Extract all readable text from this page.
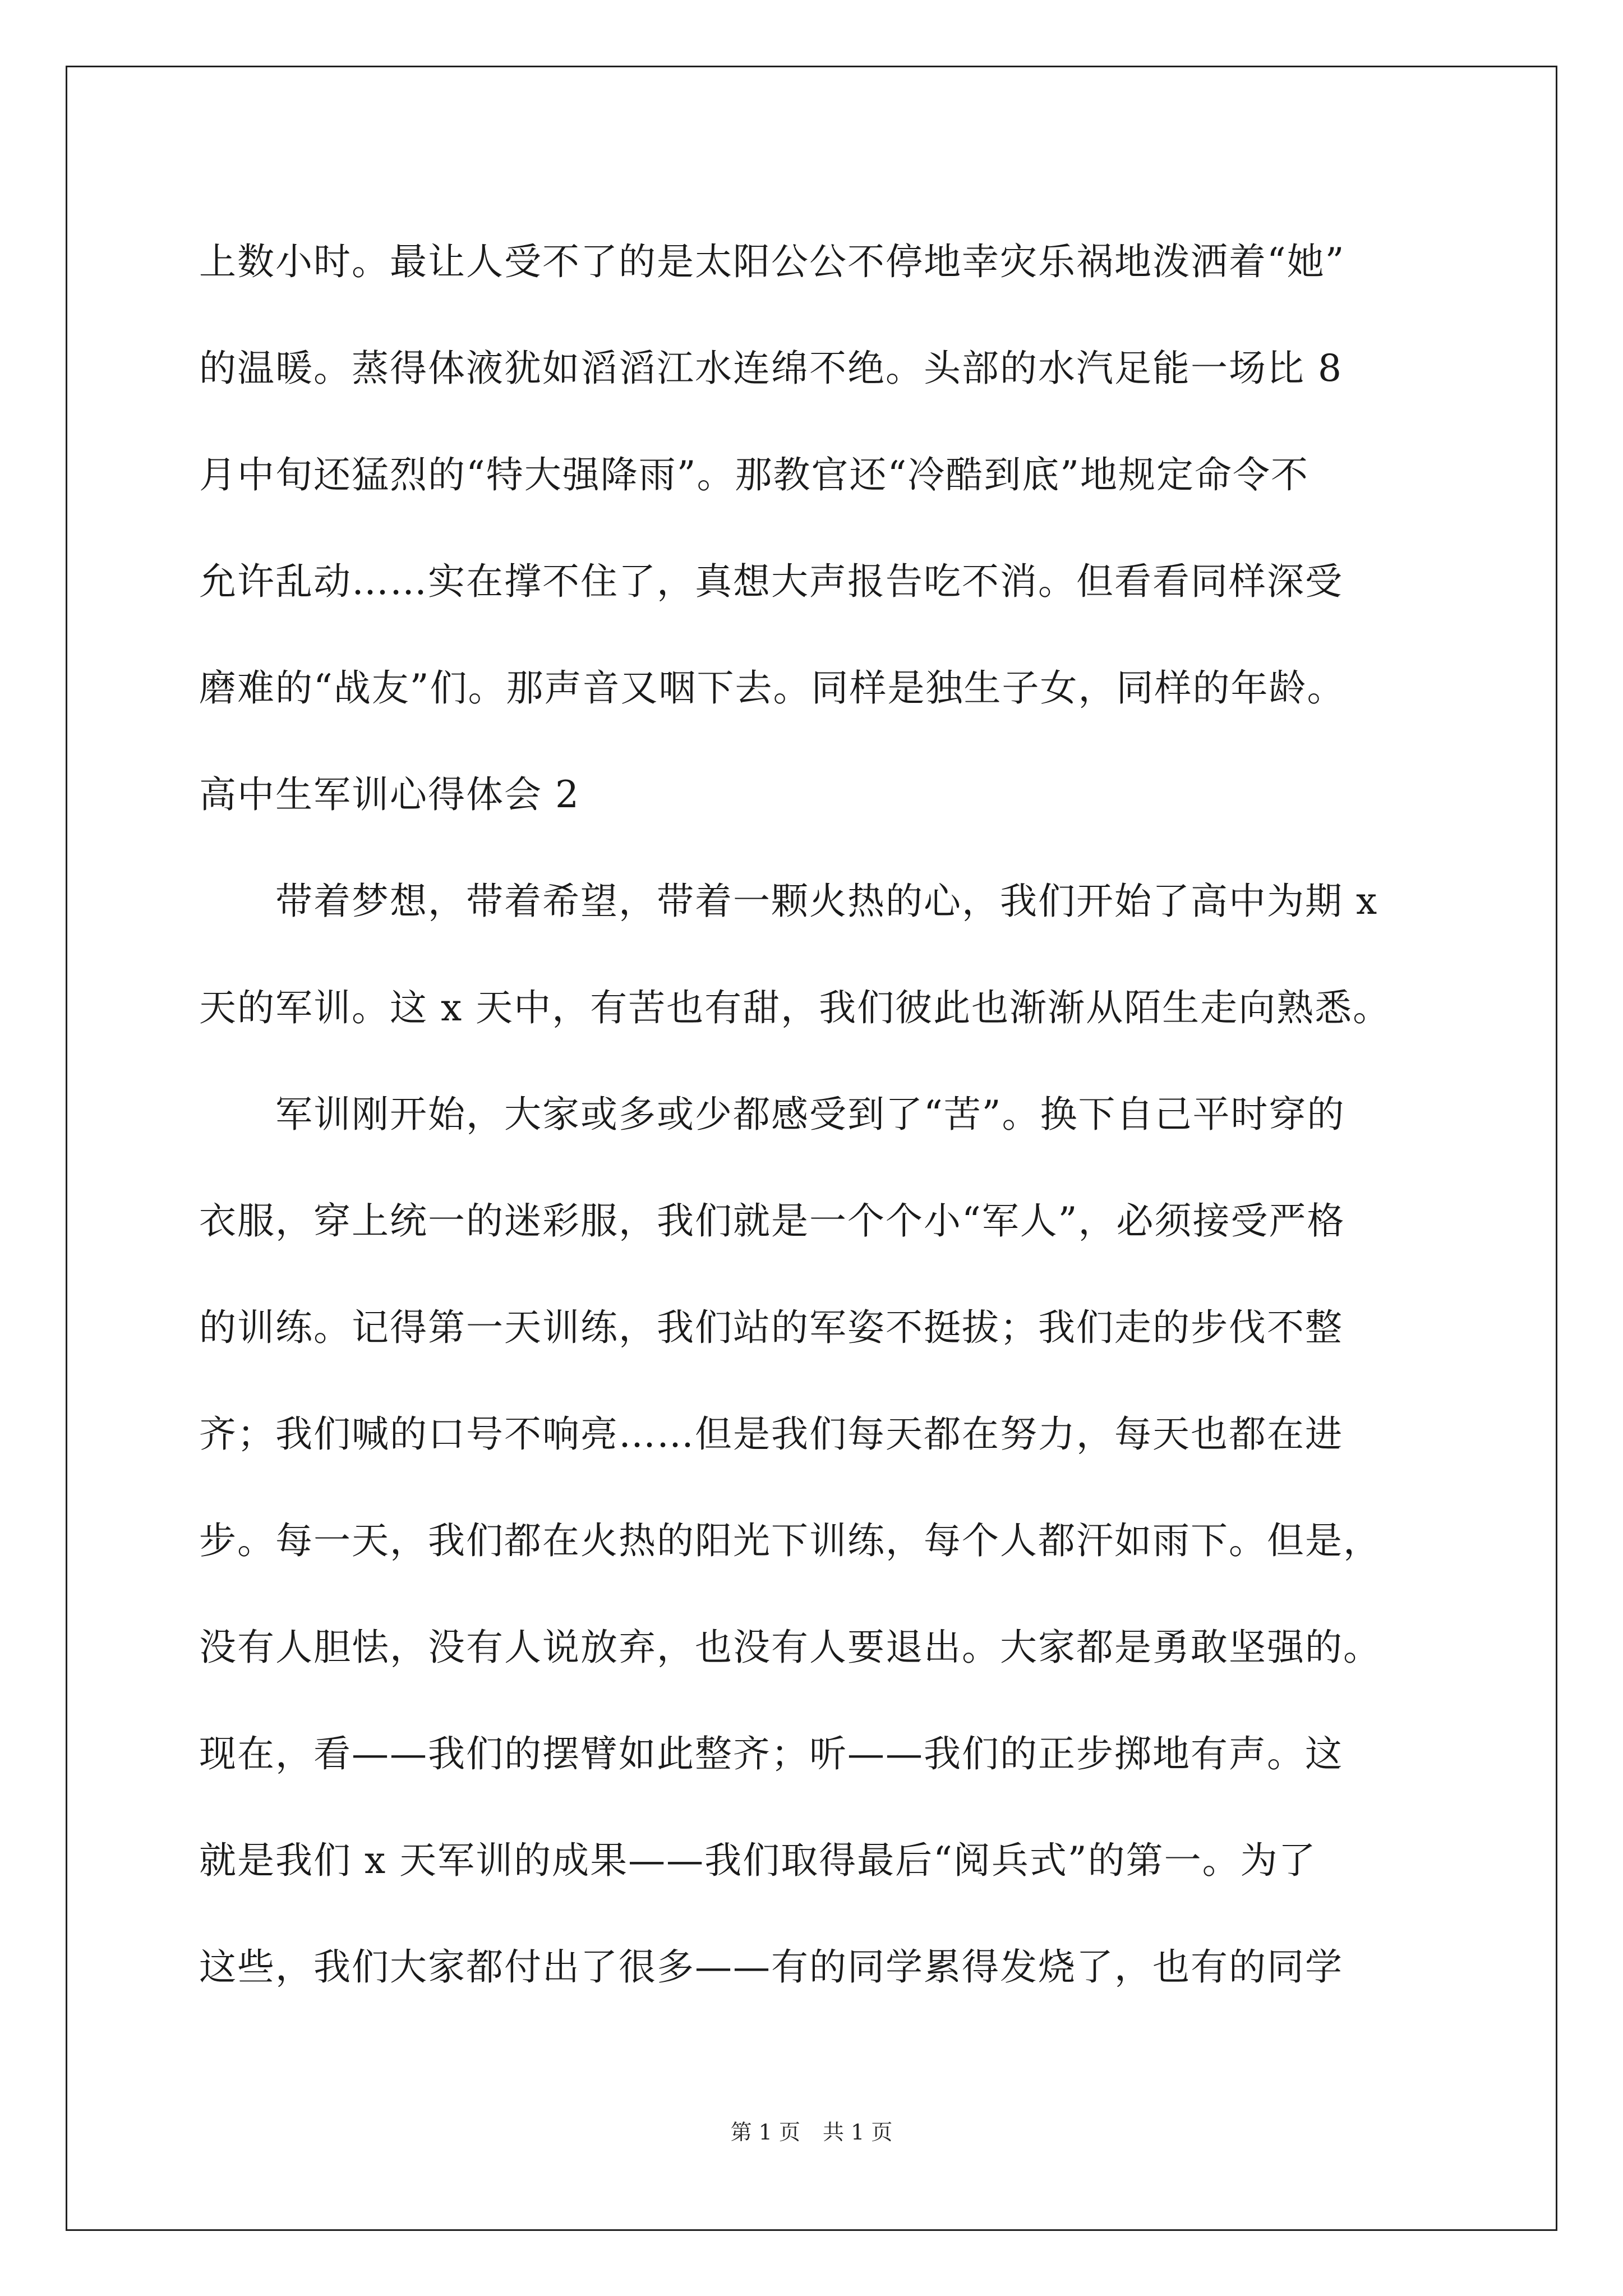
上数小时。最让人受不了的是太阳公公不停地幸灾乐祸地泼洒着“她”
的温暖。蒸得体液犹如滔滔江水连绵不绝。头部的水汽足能一场比 8
月中旬还猛烈的“特大强降雨”。那教官还“冷酷到底”地规定命令不
允许乱动……实在撑不住了，真想大声报告吃不消。但看看同样深受
磨难的“战友”们。那声音又咽下去。同样是独生子女，同样的年龄。
高中生军训心得体会 2
　　带着梦想，带着希望，带着一颗火热的心，我们开始了高中为期 x
天的军训。这 x 天中，有苦也有甜，我们彼此也渐渐从陌生走向熟悉。
　　军训刚开始，大家或多或少都感受到了“苦”。换下自己平时穿的
衣服，穿上统一的迷彩服，我们就是一个个小“军人”，必须接受严格
的训练。记得第一天训练，我们站的军姿不挺拔；我们走的步伐不整
齐；我们喊的口号不响亮……但是我们每天都在努力，每天也都在进
步。每一天，我们都在火热的阳光下训练，每个人都汗如雨下。但是，
没有人胆怯，没有人说放弃，也没有人要退出。大家都是勇敢坚强的。
现在，看——我们的摆臂如此整齐；听——我们的正步掷地有声。这
就是我们 x 天军训的成果——我们取得最后“阅兵式”的第一。为了
这些，我们大家都付出了很多——有的同学累得发烧了，也有的同学
第 1 页 共 1 页
